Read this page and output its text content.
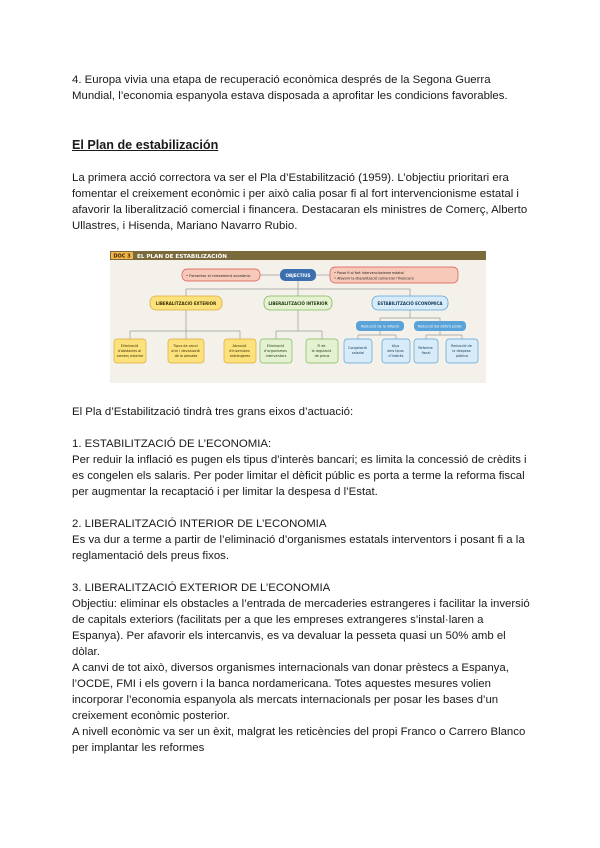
4. Europa vivia una etapa de recuperació econòmica després de la Segona Guerra Mundial, l’economia espanyola estava disposada a aprofitar les condicions favorables.

El Plan de estabilización

La primera acció correctora va ser el Pla d’Estabilització (1959). L’objectiu prioritari era fomentar el creixement econòmic i per això calia posar fi al fort intervencionisme estatal i afavorir la liberalització comercial i financera. Destacaran els ministres de Comerç, Alberto Ullastres, i Hisenda, Mariano Navarro Rubio.

DOC 3 EL PLAN DE ESTABILIZACIÓN
• Fomentar el creixement econòmic	OBJECTIUS	• Posar fi al fort intervencionisme estatal
• Afavorir la liberalització comercial i financera
LIBERALITZACIÓ EXTERIOR	LIBERALITZACIÓ INTERIOR	ESTABILITZACIÓ ECONÒMICA
Reducció de la inflació	Reducció del dèficit públic
Eliminació d’obstacles al comerç exterior
Tipus de canvi únic i devaluació de la pesseta
Atracció d’inversions estrangeres
Eliminació d’organismes interventors
Fi de la regulació de preus
Congelació salarial
Alça dels tipus d’interès
Reforma fiscal
Reducció de la despesa pública

El Pla d’Estabilització tindrà tres grans eixos d’actuació:

1. ESTABILITZACIÓ DE L’ECONOMIA:

Per reduir la inflació es pugen els tipus d’interès bancari; es limita la concessió de crèdits i es congelen els salaris. Per poder limitar el dèficit públic es porta a terme la reforma fiscal per augmentar la recaptació i per limitar la despesa d l’Estat.

2. LIBERALITZACIÓ INTERIOR DE L’ECONOMIA

Es va dur a terme a partir de l’eliminació d’organismes estatals interventors i posant fi a la reglamentació dels preus fixos.

3. LIBERALITZACIÓ EXTERIOR DE L’ECONOMIA

Objectiu: eliminar els obstacles a l’entrada de mercaderies estrangeres i facilitar la inversió de capitals exteriors (facilitats per a que les empreses extrangeres s’instal·laren a Espanya). Per afavorir els intercanvis, es va devaluar la pesseta quasi un 50% amb el dòlar.

A canvi de tot això, diversos organismes internacionals van donar prèstecs a Espanya, l’OCDE, FMI i els govern i la banca nordamericana. Totes aquestes mesures volien incorporar l’economia espanyola als mercats internacionals per posar les bases d’un creixement econòmic posterior.

A nivell econòmic va ser un èxit, malgrat les reticències del propi Franco o Carrero Blanco per implantar les reformes
